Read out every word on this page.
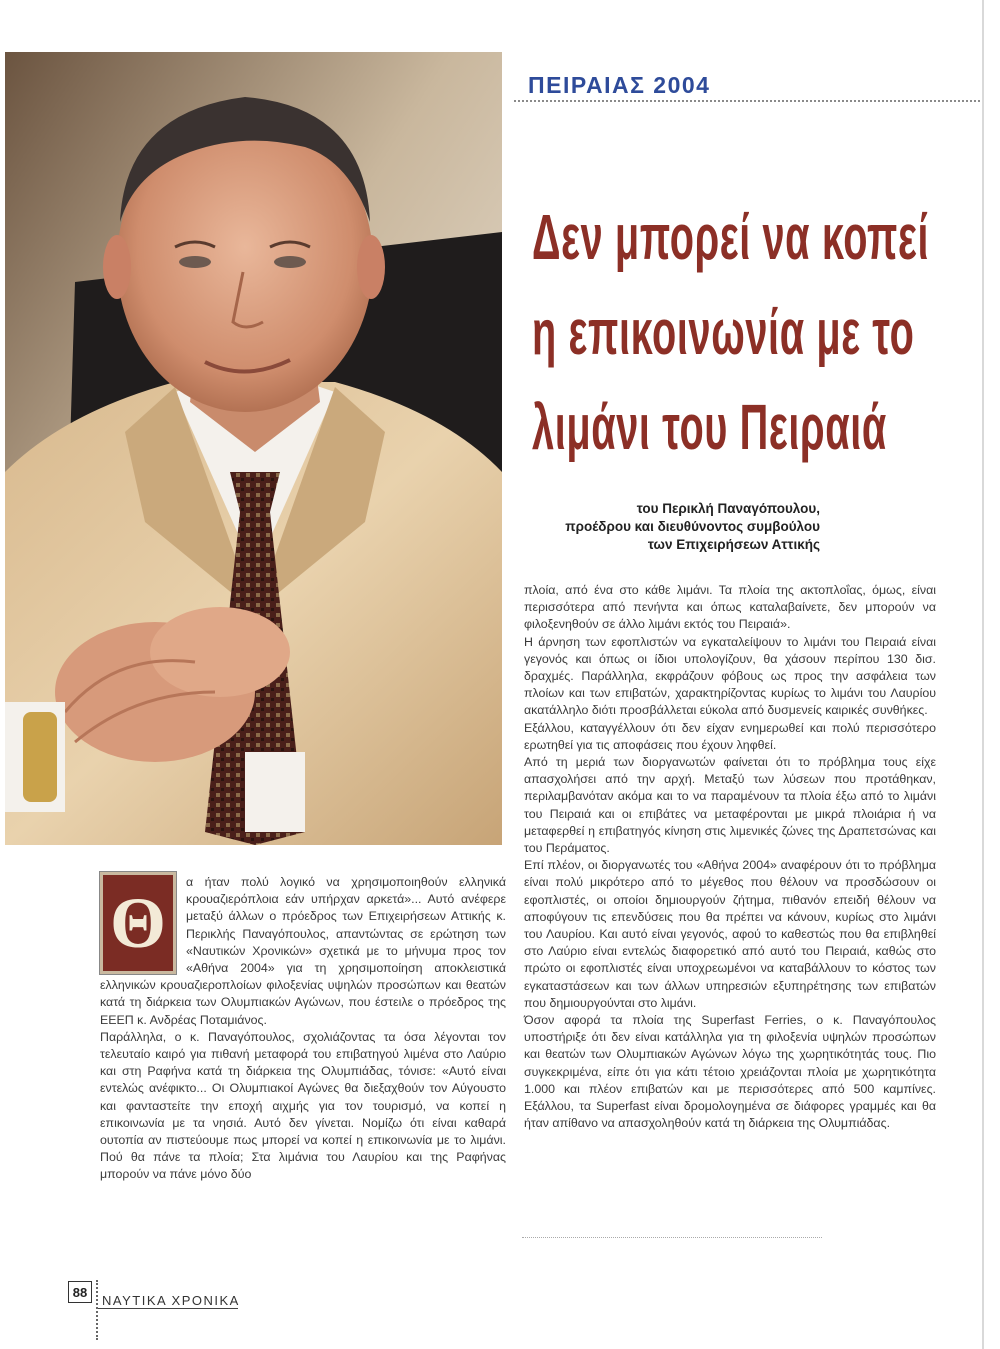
ΠΕΙΡΑΙΑΣ 2004
Δεν μπορεί να κοπεί
η επικοινωνία με το
λιμάνι του Πειραιά
του Περικλή Παναγόπουλου,
προέδρου και διευθύνοντος συμβούλου
των Επιχειρήσεων Αττικής
Θ

α ήταν πολύ λογικό να χρησιμοποιηθούν ελληνικά κρουαζιερόπλοια εάν υπήρχαν αρκετά»... Αυτό ανέφερε μεταξύ άλλων ο πρόεδρος των Επιχειρήσεων Αττικής κ. Περικλής Παναγόπουλος, απαντώντας σε ερώτηση των «Ναυτικών Χρονικών» σχετικά με το μήνυμα προς τον «Αθήνα 2004» για τη χρησιμοποίηση αποκλειστικά ελληνικών κρουαζιεροπλοίων φιλοξενίας υψηλών προσώπων και θεατών κατά τη διάρκεια των Ολυμπιακών Αγώνων, που έστειλε ο πρόεδρος της ΕΕΕΠ κ. Ανδρέας Ποταμιάνος.

Παράλληλα, ο κ. Παναγόπουλος, σχολιάζοντας τα όσα λέγονται τον τελευταίο καιρό για πιθανή μεταφορά του επιβατηγού λιμένα στο Λαύριο και στη Ραφήνα κατά τη διάρκεια της Ολυμπιάδας, τόνισε: «Αυτό είναι εντελώς ανέφικτο... Οι Ολυμπιακοί Αγώνες θα διεξαχθούν τον Αύγουστο και φανταστείτε την εποχή αιχμής για τον τουρισμό, να κοπεί η επικοινωνία με τα νησιά. Αυτό δεν γίνεται. Νομίζω ότι είναι καθαρά ουτοπία αν πιστεύουμε πως μπορεί να κοπεί η επικοινωνία με το λιμάνι. Πού θα πάνε τα πλοία; Στα λιμάνια του Λαυρίου και της Ραφήνας μπορούν να πάνε μόνο δύο

πλοία, από ένα στο κάθε λιμάνι. Τα πλοία της ακτοπλοΐας, όμως, είναι περισσότερα από πενήντα και όπως καταλαβαίνετε, δεν μπορούν να φιλοξενηθούν σε άλλο λιμάνι εκτός του Πειραιά».

Η άρνηση των εφοπλιστών να εγκαταλείψουν το λιμάνι του Πειραιά είναι γεγονός και όπως οι ίδιοι υπολογίζουν, θα χάσουν περίπου 130 δισ. δραχμές. Παράλληλα, εκφράζουν φόβους ως προς την ασφάλεια των πλοίων και των επιβατών, χαρακτηρίζοντας κυρίως το λιμάνι του Λαυρίου ακατάλληλο διότι προσβάλλεται εύκολα από δυσμενείς καιρικές συνθήκες.

Εξάλλου, καταγγέλλουν ότι δεν είχαν ενημερωθεί και πολύ περισσότερο ερωτηθεί για τις αποφάσεις που έχουν ληφθεί.

Από τη μεριά των διοργανωτών φαίνεται ότι το πρόβλημα τους είχε απασχολήσει από την αρχή. Μεταξύ των λύσεων που προτάθηκαν, περιλαμβανόταν ακόμα και το να παραμένουν τα πλοία έξω από το λιμάνι του Πειραιά και οι επιβάτες να μεταφέρονται με μικρά πλοιάρια ή να μεταφερθεί η επιβατηγός κίνηση στις λιμενικές ζώνες της Δραπετσώνας και του Περάματος.

Επί πλέον, οι διοργανωτές του «Αθήνα 2004» αναφέρουν ότι το πρόβλημα είναι πολύ μικρότερο από το μέγεθος που θέλουν να προσδώσουν οι εφοπλιστές, οι οποίοι δημιουργούν ζήτημα, πιθανόν επειδή θέλουν να αποφύγουν τις επενδύσεις που θα πρέπει να κάνουν, κυρίως στο λιμάνι του Λαυρίου. Και αυτό είναι γεγονός, αφού το καθεστώς που θα επιβληθεί στο Λαύριο είναι εντελώς διαφορετικό από αυτό του Πειραιά, καθώς στο πρώτο οι εφοπλιστές είναι υποχρεωμένοι να καταβάλλουν το κόστος των εγκαταστάσεων και των άλλων υπηρεσιών εξυπηρέτησης των επιβατών που δημιουργούνται στο λιμάνι.

Όσον αφορά τα πλοία της Superfast Ferries, ο κ. Παναγόπουλος υποστήριξε ότι δεν είναι κατάλληλα για τη φιλοξενία υψηλών προσώπων και θεατών των Ολυμπιακών Αγώνων λόγω της χωρητικότητάς τους. Πιο συγκεκριμένα, είπε ότι για κάτι τέτοιο χρειάζονται πλοία με χωρητικότητα 1.000 και πλέον επιβατών και με περισσότερες από 500 καμπίνες. Εξάλλου, τα Superfast είναι δρομολογημένα σε διάφορες γραμμές και θα ήταν απίθανο να απασχοληθούν κατά τη διάρκεια της Ολυμπιάδας.

88
ΝΑΥΤΙΚΑ ΧΡΟΝΙΚΑ
